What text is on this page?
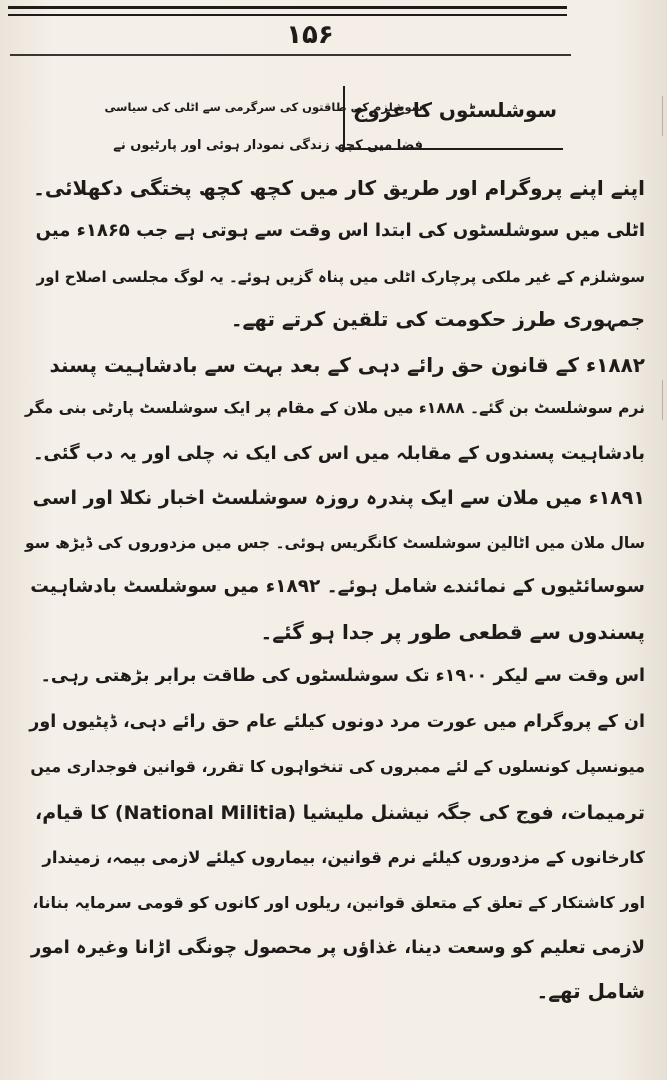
۱۵۶
سوشلسٹوں کا عروج
سوشلزم کی طاقتوں کی سرگرمی سے اٹلی کی سیاسی
فضا میں کچھ زندگی نمودار ہوئی اور پارٹیوں نے
اپنے اپنے پروگرام اور طریق کار میں کچھ کچھ پختگی دکھلائی۔
اٹلی میں سوشلسٹوں کی ابتدا اس وقت سے ہوتی ہے جب ۱۸۶۵ء میں
سوشلزم کے غیر ملکی پرچارک اٹلی میں پناہ گزیں ہوئے۔ یہ لوگ مجلسی اصلاح اور
جمہوری طرز حکومت کی تلقین کرتے تھے۔
۱۸۸۲ء کے قانون حق رائے دہی کے بعد بہت سے بادشاہیت پسند
نرم سوشلسٹ بن گئے۔ ۱۸۸۸ء میں ملان کے مقام پر ایک سوشلسٹ پارٹی بنی مگر
بادشاہیت پسندوں کے مقابلہ میں اس کی ایک نہ چلی اور یہ دب گئی۔
۱۸۹۱ء میں ملان سے ایک پندرہ روزہ سوشلسٹ اخبار نکلا اور اسی
سال ملان میں اٹالین سوشلسٹ کانگریس ہوئی۔ جس میں مزدوروں کی ڈیڑھ سو
سوسائٹیوں کے نمائندے شامل ہوئے۔ ۱۸۹۲ء میں سوشلسٹ بادشاہیت
پسندوں سے قطعی طور پر جدا ہو گئے۔
اس وقت سے لیکر ۱۹۰۰ء تک سوشلسٹوں کی طاقت برابر بڑھتی رہی۔
ان کے پروگرام میں عورت مرد دونوں کیلئے عام حق رائے دہی، ڈپٹیوں اور
میونسپل کونسلوں کے لئے ممبروں کی تنخواہوں کا تقرر، قوانین فوجداری میں
ترمیمات، فوج کی جگہ نیشنل ملیشیا (National Militia) کا قیام،
کارخانوں کے مزدوروں کیلئے نرم قوانین، بیماروں کیلئے لازمی بیمہ، زمیندار
اور کاشتکار کے تعلق کے متعلق قوانین، ریلوں اور کانوں کو قومی سرمایہ بنانا،
لازمی تعلیم کو وسعت دینا، غذاؤں پر محصول چونگی اڑانا وغیرہ امور
شامل تھے۔
